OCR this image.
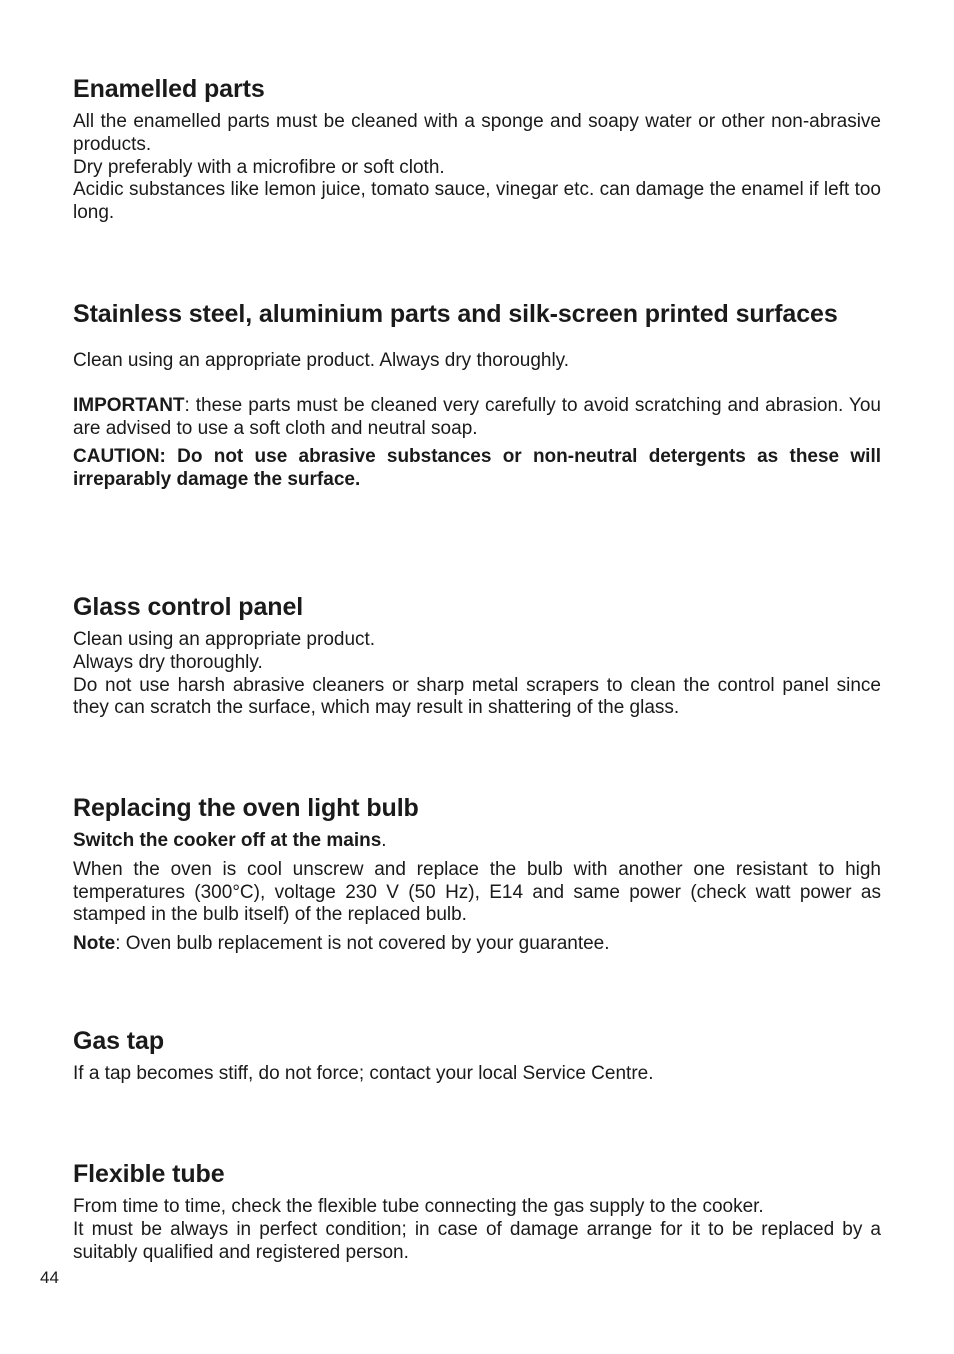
Enamelled parts

All the enamelled parts must be cleaned with a sponge and soapy water or other non-abrasive products.

Dry preferably with a microfibre or soft cloth.

Acidic substances like lemon juice, tomato sauce, vinegar etc. can damage the enamel if left too long.

Stainless steel, aluminium parts and silk-screen printed surfaces

Clean using an appropriate product. Always dry thoroughly.

IMPORTANT: these parts must be cleaned very carefully to avoid scratching and abrasion. You are advised to use a soft cloth and neutral soap.

CAUTION: Do not use abrasive substances or non-neutral detergents as these will irreparably damage the surface.

Glass control panel

Clean using an appropriate product.

Always dry thoroughly.

Do not use harsh abrasive cleaners or sharp metal scrapers to clean the control panel since they can scratch the surface, which may result in shattering of the glass.

Replacing the oven light bulb

Switch the cooker off at the mains.

When the oven is cool unscrew and replace the bulb with another one resistant to high temperatures (300°C), voltage 230 V (50 Hz), E14 and same power (check watt power as stamped in the bulb itself) of the replaced bulb.

Note: Oven bulb replacement is not covered by your guarantee.

Gas tap

If a tap becomes stiff, do not force; contact your local Service Centre.

Flexible tube

From time to time, check the flexible tube connecting the gas supply to the cooker.

It must be always in perfect condition; in case of damage arrange for it to be replaced by a suitably qualified and registered person.

44
